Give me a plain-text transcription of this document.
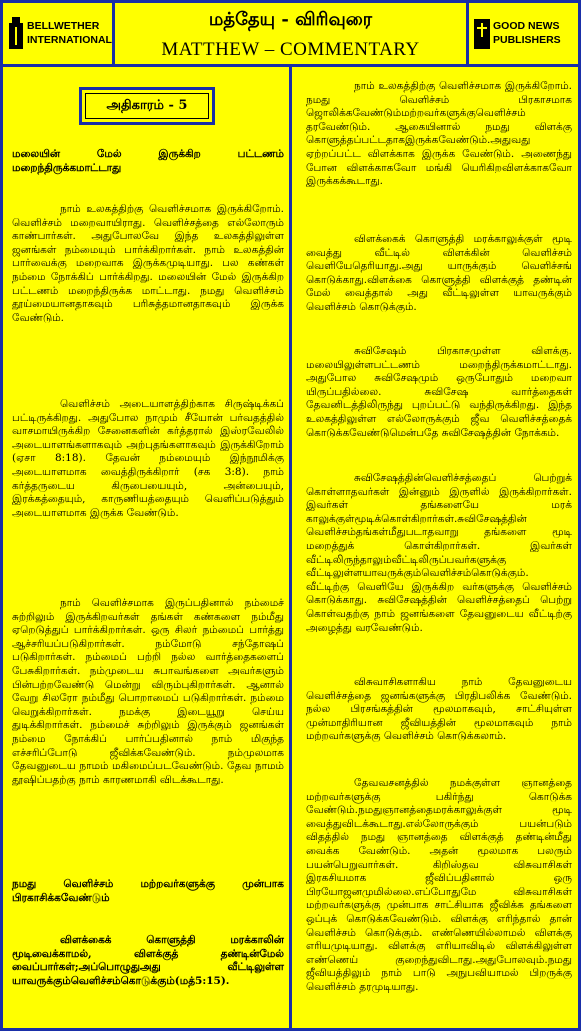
BELLWETHER
INTERNATIONAL
மத்தேயு - விரிவுரை
MATTHEW – COMMENTARY
GOOD NEWS
PUBLISHERS
அதிகாரம் - 5
மலையின் மேல் இருக்கிற பட்டணம் மறைந்திருக்கமாட்டாது
நாம் உலகத்திற்கு வெளிச்சமாக இருக்கிறோம். வெளிச்சம் மறைவாயிராது. வெளிச்சத்தை எல்லோரும் காண்பார்கள். அதுபோலவே இந்த உலகத்திலுள்ள ஜனங்கள் நம்மையும் பார்க்கிறார்கள். நாம் உலகத்தின் பார்வைக்கு மறைவாக இருக்கமுடியாது. பல கண்கள் நம்மை நோக்கிப் பார்க்கிறது. மலையின் மேல் இருக்கிற பட்டணம் மறைந்திருக்க மாட்டாது. நமது வெளிச்சம் தூய்மையானதாகவும் பரிசுத்தமானதாகவும் இருக்க வேண்டும்.
வெளிச்சம் அடையாளத்திற்காக சிருஷ்டிக்கப் பட்டிருக்கிறது. அதுபோல நாமும் சீயோன் பர்வதத்தில் வாசமாயிருக்கிற சேனைகளின் கர்த்தரால் இஸ்ரவேலில் அடையாளங்களாகவும் அற்புதங்களாகவும் இருக்கிறோம் (ஏசா 8:18). தேவன் நம்மையும் இந்நூமிக்கு அடையாளமாக வைத்திருக்கிறார் (சக 3:8). நாம் கர்த்தருடைய கிருபையையும், அன்பையும், இரக்கத்தையும், காருணியத்தையும் வெளிப்படுத்தும் அடையாளமாக இருக்க வேண்டும்.
நாம் வெளிச்சமாக இருப்பதினால் நம்மைச் சுற்றிலும் இருக்கிறவர்கள் தங்கள் கண்களை நம்மீது ஏறெடுத்துப் பார்க்கிறார்கள். ஒரு சிலர் நம்மைப் பார்த்து ஆச்சரியப்படுகிறார்கள். நம்மோடு சந்தோஷப் படுகிறார்கள். நம்மைப் பற்றி நல்ல வார்த்தைகளைப் பேசுகிறார்கள். நம்முடைய சுபாவங்களை அவர்களும் பின்பற்றவேண்டு மென்று விரும்புகிறார்கள். ஆனால் வேறு சிலரோ நம்மீது பொறாமைப் படுகிறார்கள். நம்மை வெறுக்கிறார்கள். நமக்கு இடையூறு செய்ய துடிக்கிறார்கள். நம்மைச் சுற்றிலும் இருக்கும் ஜனங்கள் நம்மை நோக்கிப் பார்ப்பதினால் நாம் மிகுந்த எச்சரிப்போடு ஜீவிக்கவேண்டும். நம்முலமாக தேவனுடைய நாமம் மகிமைப்படவேண்டும். தேவ நாமம் தூஷிப்பதற்கு நாம் காரணமாகி விடக்கூடாது.
நமது வெளிச்சம் மற்றவர்களுக்கு முன்பாக பிரகாசிக்கவேண்டும்
விளக்கைக் கொளுத்தி மரக்காலின் மூடிவைக்காமல், விளக்குத் தண்டின்மேல் வைப்பார்கள்;அப்பொழுதுஅது வீட்டிலுள்ள யாவருக்கும்வெளிச்சம்கொடுக்கும்(மத்5:15).
நாம் உலகத்திற்கு வெளிச்சமாக இருக்கிறோம். நமது வெளிச்சம் பிரகாசமாக ஜொலிக்கவேண்டும்மற்றவர்களுக்குவெளிச்சம் தரவேண்டும். ஆகையினால் நமது விளக்கு கொளுத்தப்பட்டதாகஇருக்கவேண்டும்.அதுவது ஏற்றப்பட்ட விளக்காக இருக்க வேண்டும். அணைந்து போன விளக்காகவோ மங்கி யெரிகிறவிளக்காகவோ இருக்கக்கூடாது.
விளக்கைக் கொளுத்தி மரக்காலுக்குள் மூடி வைத்து வீட்டில் விளக்கின் வெளிச்சம் வெளியேதெரியாது.அது யாருக்கும் வெளிச்சங் கொடுக்காது.விளக்கை கொளுத்தி விளக்குத் தண்டின் மேல் வைத்தால் அது வீட்டிலுள்ள யாவருக்கும் வெளிச்சம் கொடுக்கும்.
சுவிசேஷம் பிரகாசமுள்ள விளக்கு. மலையிலுள்ளபட்டணம் மறைந்திருக்கமாட்டாது. அதுபோல சுவிசேஷமும் ஒருபோதும் மறைவா யிருப்பதில்லை. சுவிசேஷ வார்த்தைகள் தேவனிடத்திலிருந்து புறப்பட்டு வந்திருக்கிறது. இந்த உலகத்திலுள்ள எல்லோருக்கும் ஜீவ வெளிச்சத்தைக் கொடுக்கவேண்டுமென்பதே சுவிசேஷத்தின் நோக்கம்.
சுவிசேஷத்தின்வெளிச்சத்தைப் பெற்றுக் கொள்ளாதவர்கள் இன்னும் இருளில் இருக்கிறார்கள். இவர்கள் தங்களையே மரக் காலுக்குள்மூடிக்கொள்கிறார்கள்.சுவிசேஷத்தின் வெளிச்சம்தங்கள்மீதுபடாதவாறு தங்களை மூடி மறைத்துக் கொள்கிறார்கள். இவர்கள் வீட்டிலிருந்தாலும்வீட்டிலிருப்பவர்களுக்கு வீட்டிலுள்ளயாவருக்கும்வெளிச்சம்கொடுக்கும். வீட்டிற்கு வெளியே இருக்கிற வர்களுக்கு வெளிச்சம் கொடுக்காது. சுவிசேஷத்தின் வெளிச்சத்தைப் பெற்று கொள்வதற்கு நாம் ஜனங்களை தேவனுடைய வீட்டிற்கு அழைத்து வரவேண்டும்.
விசுவாசிகளாகிய நாம் தேவனுடைய வெளிச்சத்தை ஜனங்களுக்கு பிரதிபலிக்க வேண்டும். நல்ல பிரசங்கத்தின் மூலமாகவும், சாட்சியுள்ள முன்மாதிரியான ஜீவியத்தின் மூலமாகவும் நாம் மற்றவர்களுக்கு வெளிச்சம் கொடுக்கலாம்.
தேவவசனத்தில் நமக்குள்ள ஞானத்தை மற்றவர்களுக்கு பகிர்ந்து கொடுக்க வேண்டும்.நமதுஞானத்தைமரக்காலுக்குள் மூடி வைத்துவிடக்கூடாது.எல்லோருக்கும் பயன்படும் விதத்தில் நமது ஞானத்தை விளக்குத் தண்டின்மீது வைக்க வேண்டும். அதன் மூலமாக பலரும் பயன்பெறுவார்கள். கிறிஸ்தவ விசுவாசிகள் இரகசியமாக ஜீவிப்பதினால் ஒரு பிரயோஜனமுமில்லை.எப்போதுமே விசுவாசிகள் மற்றவர்களுக்கு முன்பாக சாட்சியாக ஜீவிக்க தங்களை ஒப்புக் கொடுக்கவேண்டும். விளக்கு எரிந்தால் தான் வெளிச்சம் கொடுக்கும். எண்ணெயில்லாமல் விளக்கு எரியமுடியாது. விளக்கு எரியாவிடில் விளக்கிலுள்ள எண்ணெய் குறைந்துவிடாது.அதுபோலவும்.நமது ஜீவியத்திலும் நாம் பாடு அநுபவியாமல் பிறருக்கு வெளிச்சம் தரமுடியாது.
